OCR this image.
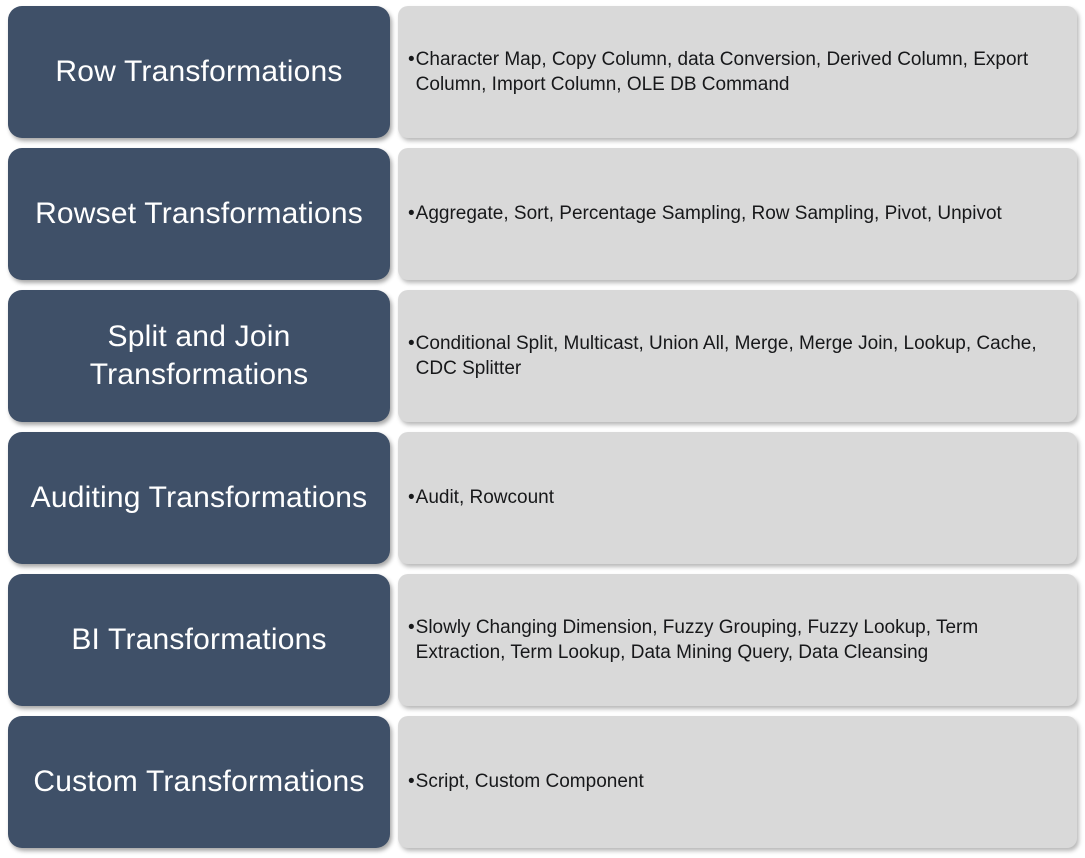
Row Transformations	• Character Map, Copy Column, data Conversion, Derived Column, Export Column, Import Column, OLE DB Command
Rowset Transformations • Aggregate, Sort, Percentage Sampling, Row Sampling, Pivot, Unpivot
Split and Join Transformations
• Conditional Split, Multicast, Union All, Merge, Merge Join, Lookup, Cache, CDC Splitter
Auditing Transformations • Audit, Rowcount
BI Transformations	• Slowly Changing Dimension, Fuzzy Grouping, Fuzzy Lookup, Term Extraction, Term Lookup, Data Mining Query, Data Cleansing
Custom Transformations • Script, Custom Component
